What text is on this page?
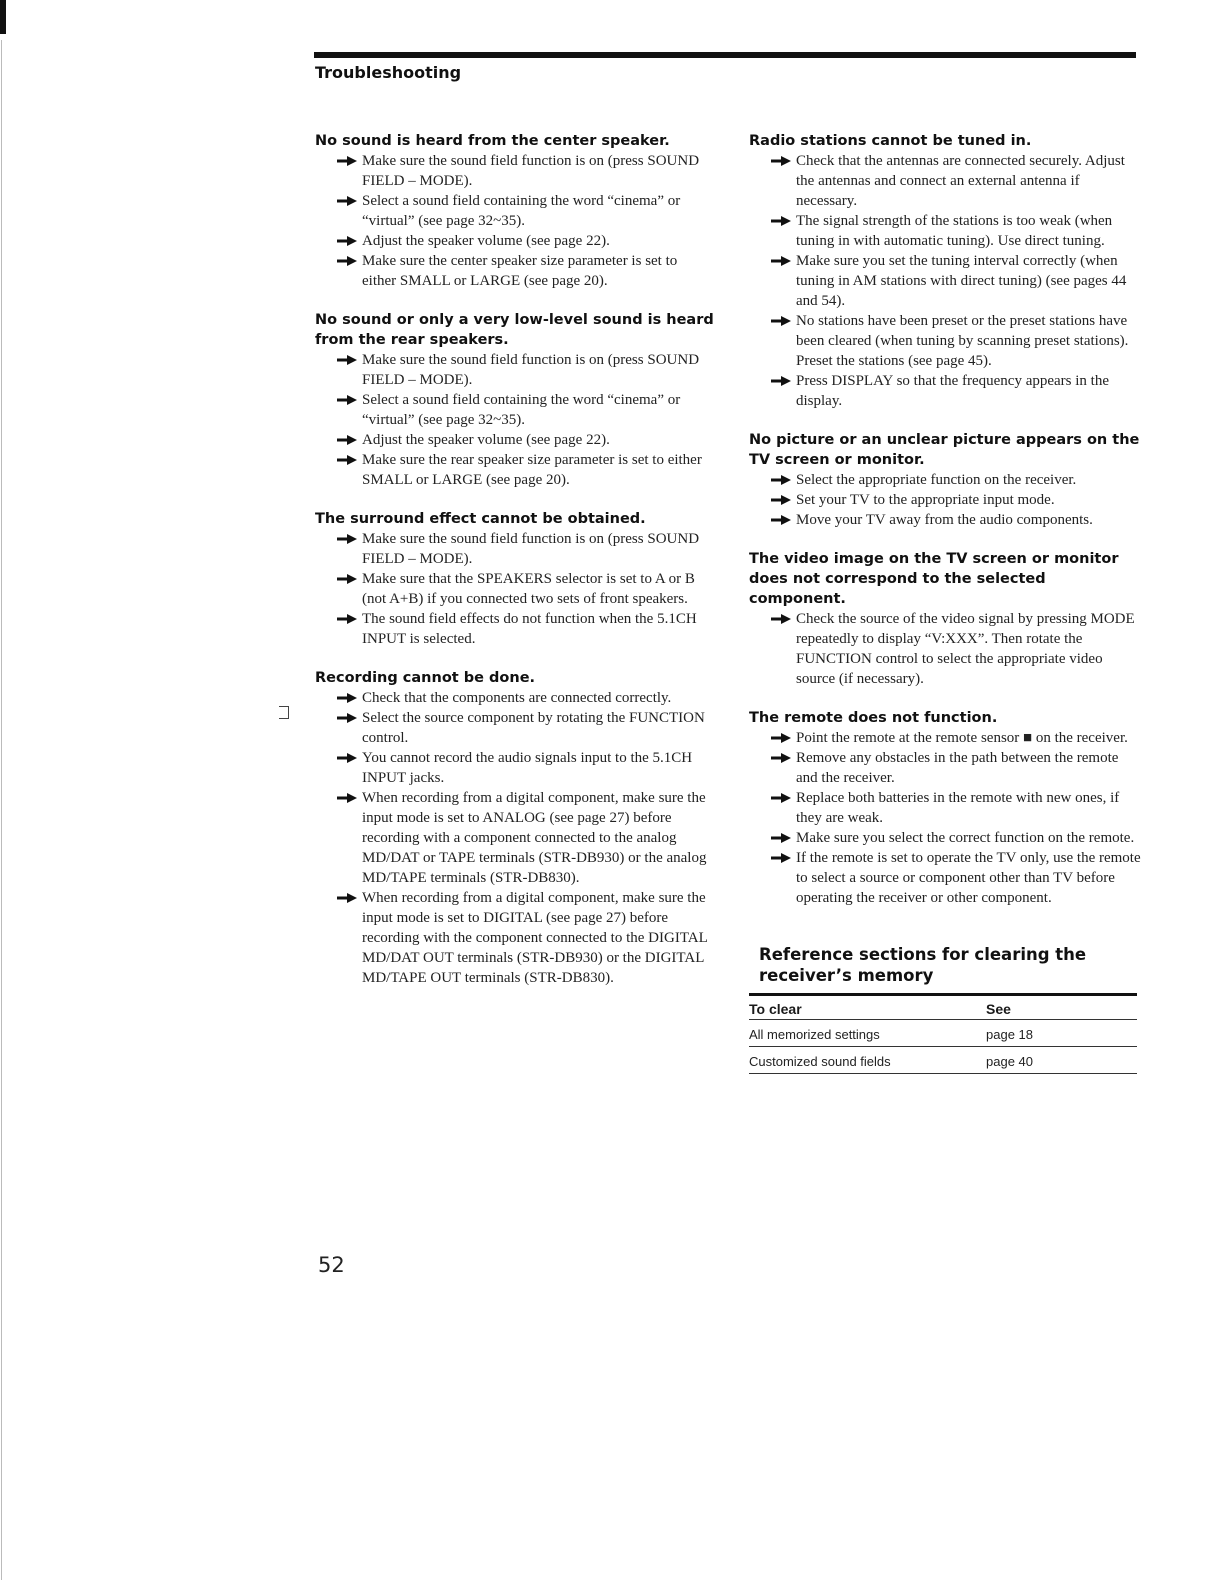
Troubleshooting
No sound is heard from the center speaker.
Make sure the sound field function is on (press SOUND FIELD – MODE).
Select a sound field containing the word “cinema” or “virtual” (see page 32~35).
Adjust the speaker volume (see page 22).
Make sure the center speaker size parameter is set to either SMALL or LARGE (see page 20).
No sound or only a very low-level sound is heard from the rear speakers.
Make sure the sound field function is on (press SOUND FIELD – MODE).
Select a sound field containing the word “cinema” or “virtual” (see page 32~35).
Adjust the speaker volume (see page 22).
Make sure the rear speaker size parameter is set to either SMALL or LARGE (see page 20).
The surround effect cannot be obtained.
Make sure the sound field function is on (press SOUND FIELD – MODE).
Make sure that the SPEAKERS selector is set to A or B (not A+B) if you connected two sets of front speakers.
The sound field effects do not function when the 5.1CH INPUT is selected.
Recording cannot be done.
Check that the components are connected correctly.
Select the source component by rotating the FUNCTION control.
You cannot record the audio signals input to the 5.1CH INPUT jacks.
When recording from a digital component, make sure the input mode is set to ANALOG (see page 27) before recording with a component connected to the analog MD/DAT or TAPE terminals (STR-DB930) or the analog MD/TAPE terminals (STR-DB830).
When recording from a digital component, make sure the input mode is set to DIGITAL (see page 27) before recording with the component connected to the DIGITAL MD/DAT OUT terminals (STR-DB930) or the DIGITAL MD/TAPE OUT terminals (STR-DB830).
Radio stations cannot be tuned in.
Check that the antennas are connected securely. Adjust the antennas and connect an external antenna if necessary.
The signal strength of the stations is too weak (when tuning in with automatic tuning). Use direct tuning.
Make sure you set the tuning interval correctly (when tuning in AM stations with direct tuning) (see pages 44 and 54).
No stations have been preset or the preset stations have been cleared (when tuning by scanning preset stations). Preset the stations (see page 45).
Press DISPLAY so that the frequency appears in the display.
No picture or an unclear picture appears on the TV screen or monitor.
Select the appropriate function on the receiver.
Set your TV to the appropriate input mode.
Move your TV away from the audio components.
The video image on the TV screen or monitor does not correspond to the selected component.
Check the source of the video signal by pressing MODE repeatedly to display “V:XXX”. Then rotate the FUNCTION control to select the appropriate video source (if necessary).
The remote does not function.
Point the remote at the remote sensor ■ on the receiver.
Remove any obstacles in the path between the remote and the receiver.
Replace both batteries in the remote with new ones, if they are weak.
Make sure you select the correct function on the remote.
If the remote is set to operate the TV only, use the remote to select a source or component other than TV before operating the receiver or other component.
Reference sections for clearing the receiver’s memory
To clear	See
All memorized settings	page 18
Customized sound fields	page 40
52
